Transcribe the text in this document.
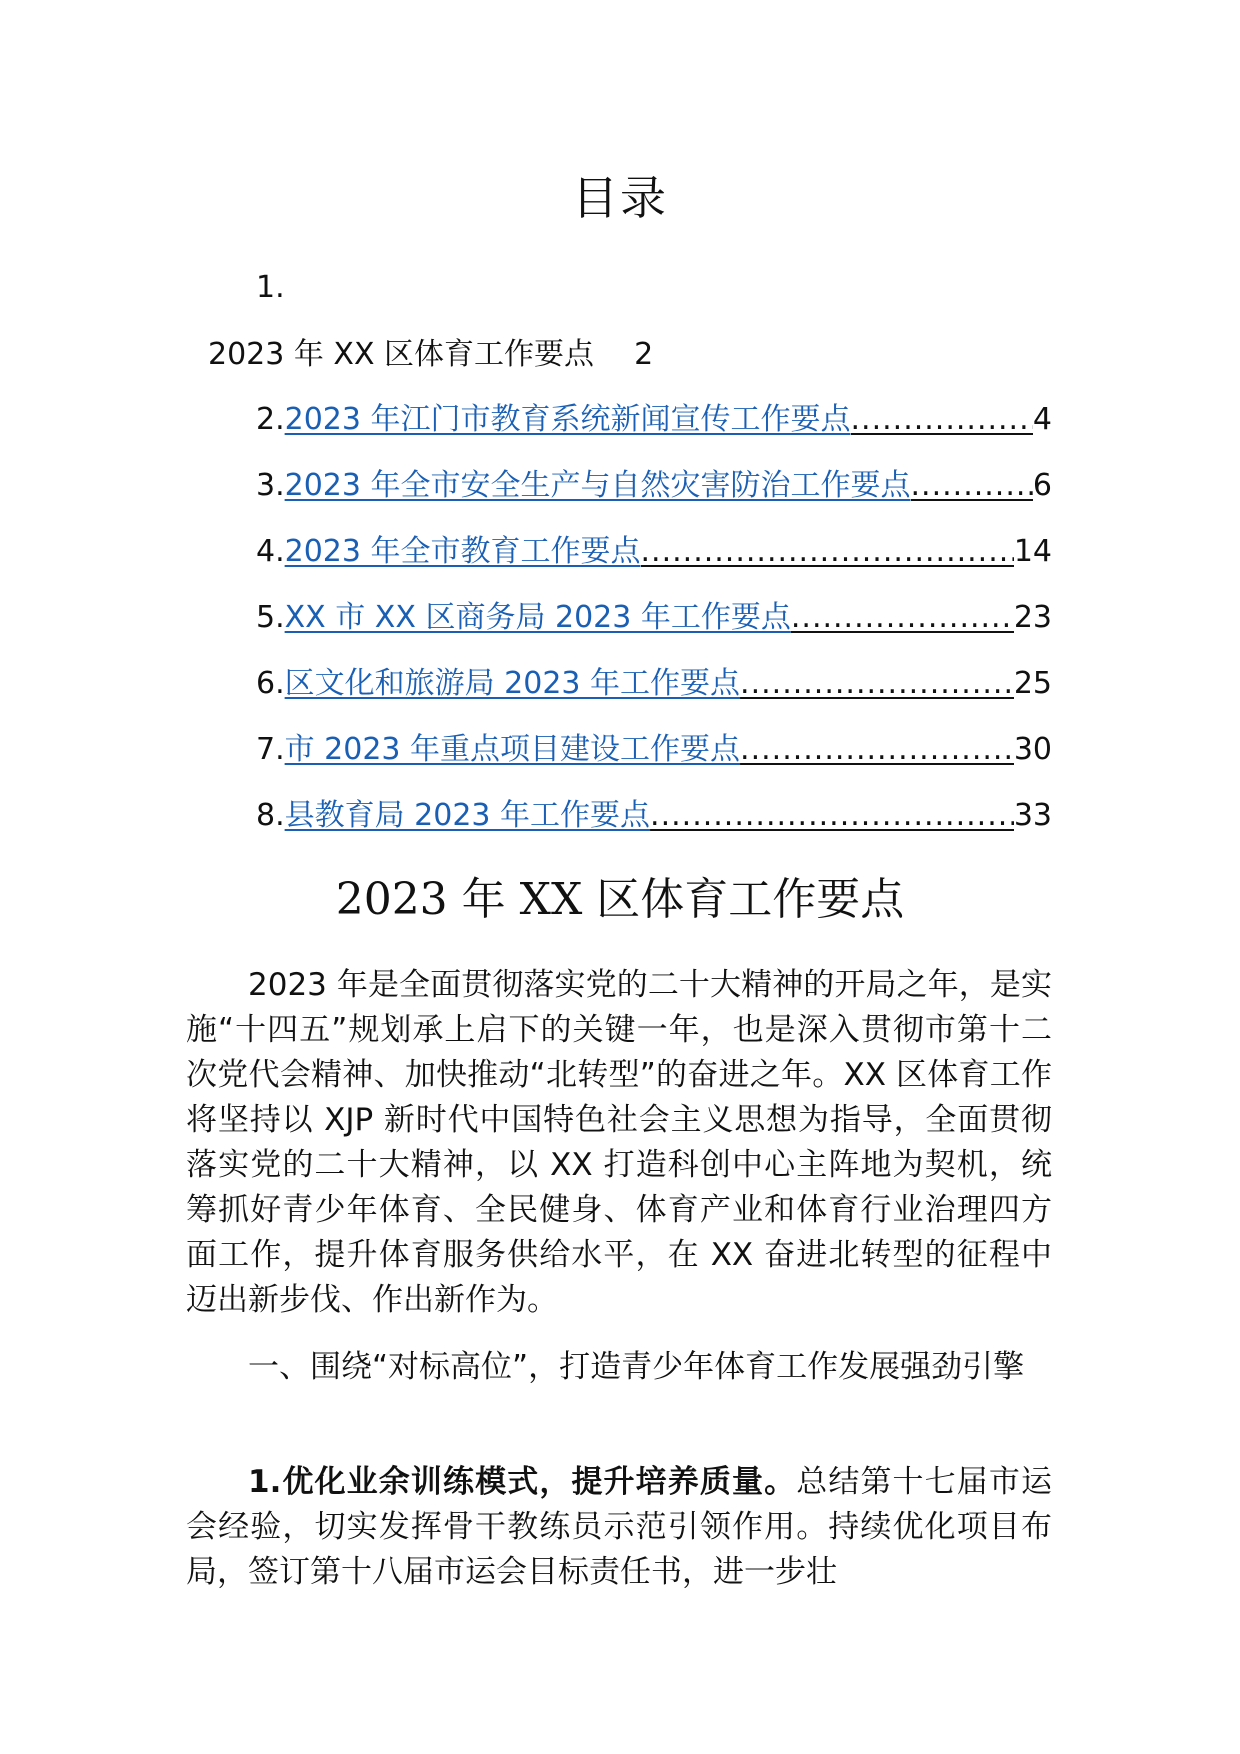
目录
1.
2023 年 XX 区体育工作要点 2
2. 2023 年江门市教育系统新闻宣传工作要点 .....	4
3. 2023 年全市安全生产与自然灾害防治工作要点 .....	6
4. 2023 年全市教育工作要点 .....	14
5. XX 市 XX 区商务局 2023 年工作要点 .....	23
6. 区文化和旅游局 2023 年工作要点 .....	25
7. 市 2023 年重点项目建设工作要点 .....	30
8. 县教育局 2023 年工作要点 .....	33
2023 年 XX 区体育工作要点

2023 年是全面贯彻落实党的二十大精神的开局之年，是实施“十四五”规划承上启下的关键一年，也是深入贯彻市第十二次党代会精神、加快推动“北转型”的奋进之年。XX 区体育工作将坚持以 XJP 新时代中国特色社会主义思想为指导，全面贯彻落实党的二十大精神，以 XX 打造科创中心主阵地为契机，统筹抓好青少年体育、全民健身、体育产业和体育行业治理四方面工作，提升体育服务供给水平，在 XX 奋进北转型的征程中迈出新步伐、作出新作为。

一、围绕“对标高位”，打造青少年体育工作发展强劲引擎

1.优化业余训练模式，提升培养质量。总结第十七届市运会经验，切实发挥骨干教练员示范引领作用。持续优化项目布局，签订第十八届市运会目标责任书，进一步壮
